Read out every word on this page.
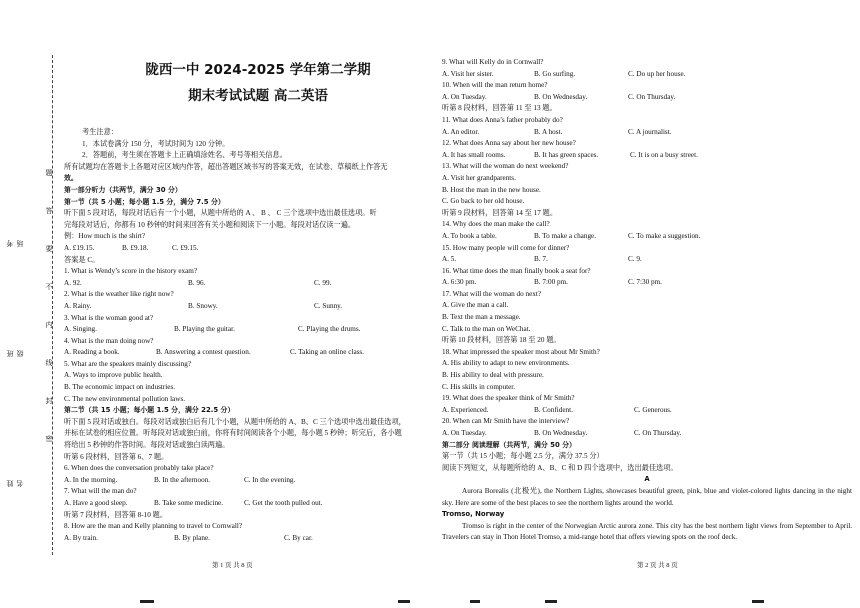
题
答
要
不
内
线
封
密
考场
班级
姓名
陇西一中 2024-2025 学年第二学期
期末考试试题 高二英语
考生注意：
1．本试卷满分 150 分，考试时间为 120 分钟。
2．答题前，考生须在答题卡上正确填涂姓名、考号等相关信息。
所有试题均在答题卡上各题对应区域内作答，超出答题区域书写的答案无效，在试卷、草稿纸上作答无
效。
第一部分听力（共两节，满分 30 分）
第一节（共 5 小题；每小题 1.5 分，满分 7.5 分）
听下面 5 段对话，每段对话后有一个小题，从题中所给的 A 、 B 、 C 三个选项中选出最佳选项。听
完每段对话后，你都有 10 秒钟的时间来回答有关小题和阅读下一小题。每段对话仅读一遍。
例：How much is the shirt?
A. £19.15.	B. £9.18.	C. £9.15.
答案是 C。
1. What is Wendy’s score in the history exam?
A. 92.	B. 96.	C. 99.
2. What is the weather like right now?
A. Rainy.	B. Snowy.	C. Sunny.
3. What is the woman good at?
A. Singing.	B. Playing the guitar.	C. Playing the drums.
4. What is the man doing now?
A. Reading a book.	B. Answering a contest question.	C. Taking an online class.
5. What are the speakers mainly discussing?
A. Ways to improve public health.
B. The economic impact on industries.
C. The new environmental pollution laws.
第二节（共 15 小题；每小题 1.5 分，满分 22.5 分）
听下面 5 段对话或独白。每段对话或独白后有几个小题，从题中所给的 A、B、C 三个选项中选出最佳选项，
并标在试卷的相应位置。听每段对话或独白前，你将有时间阅读各个小题，每小题 5 秒钟；听完后，各小题
将给出 5 秒钟的作答时间。每段对话或独白读两遍。
听第 6 段材料，回答第 6、7 题。
6. When does the conversation probably take place?
A. In the morning.	B. In the afternoon.	C. In the evening.
7. What will the man do?
A. Have a good sleep.	B. Take some medicine.	C. Get the tooth pulled out.
听第 7 段材料，回答第 8-10 题。
8. How are the man and Kelly planning to travel to Cornwall?
A. By train.	B. By plane.	C. By car.
第 1 页 共 8 页
9. What will Kelly do in Cornwall?
A. Visit her sister.	B. Go surfing.	C. Do up her house.
10. When will the man return home?
A. On Tuesday.	B. On Wednesday.	C. On Thursday.
听第 8 段材料，回答第 11 至 13 题。
11. What does Anna’s father probably do?
A. An editor.	B. A host.	C. A journalist.
12. What does Anna say about her new house?
A. It has small rooms.	B. It has green spaces.	C. It is on a busy street.
13. What will the woman do next weekend?
A. Visit her grandparents.
B. Host the man in the new house.
C. Go back to her old house.
听第 9 段材料，回答第 14 至 17 题。
14. Why does the man make the call?
A. To book a table.	B. To make a change.	C. To make a suggestion.
15. How many people will come for dinner?
A. 5.	B. 7.	C. 9.
16. What time does the man finally book a seat for?
A. 6:30 pm.	B. 7:00 pm.	C. 7:30 pm.
17. What will the woman do next?
A. Give the man a call.
B. Text the man a message.
C. Talk to the man on WeChat.
听第 10 段材料，回答第 18 至 20 题。
18. What impressed the speaker most about Mr Smith?
A. His ability to adapt to new environments.
B. His ability to deal with pressure.
C. His skills in computer.
19. What does the speaker think of Mr Smith?
A. Experienced.	B. Confident.	C. Generous.
20. When can Mr Smith have the interview?
A. On Tuesday.	B. On Wednesday.	C. On Thursday.
第二部分 阅读理解（共两节，满分 50 分）
第一节（共 15 小题；每小题 2.5 分，满分 37.5 分）
阅读下列短文，从每题所给的 A、B、C 和 D 四个选项中，选出最佳选项。
A
Aurora Borealis (北极光), the Northern Lights, showcases beautiful green, pink, blue and violet-colored lights dancing in the night sky. Here are some of the best places to see the northern lights around the world.
Tromso, Norway
Tromso is right in the center of the Norwegian Arctic aurora zone. This city has the best northern light views from September to April. Travelers can stay in Thon Hotel Tromso, a mid-range hotel that offers viewing spots on the roof deck.
第 2 页 共 8 页
